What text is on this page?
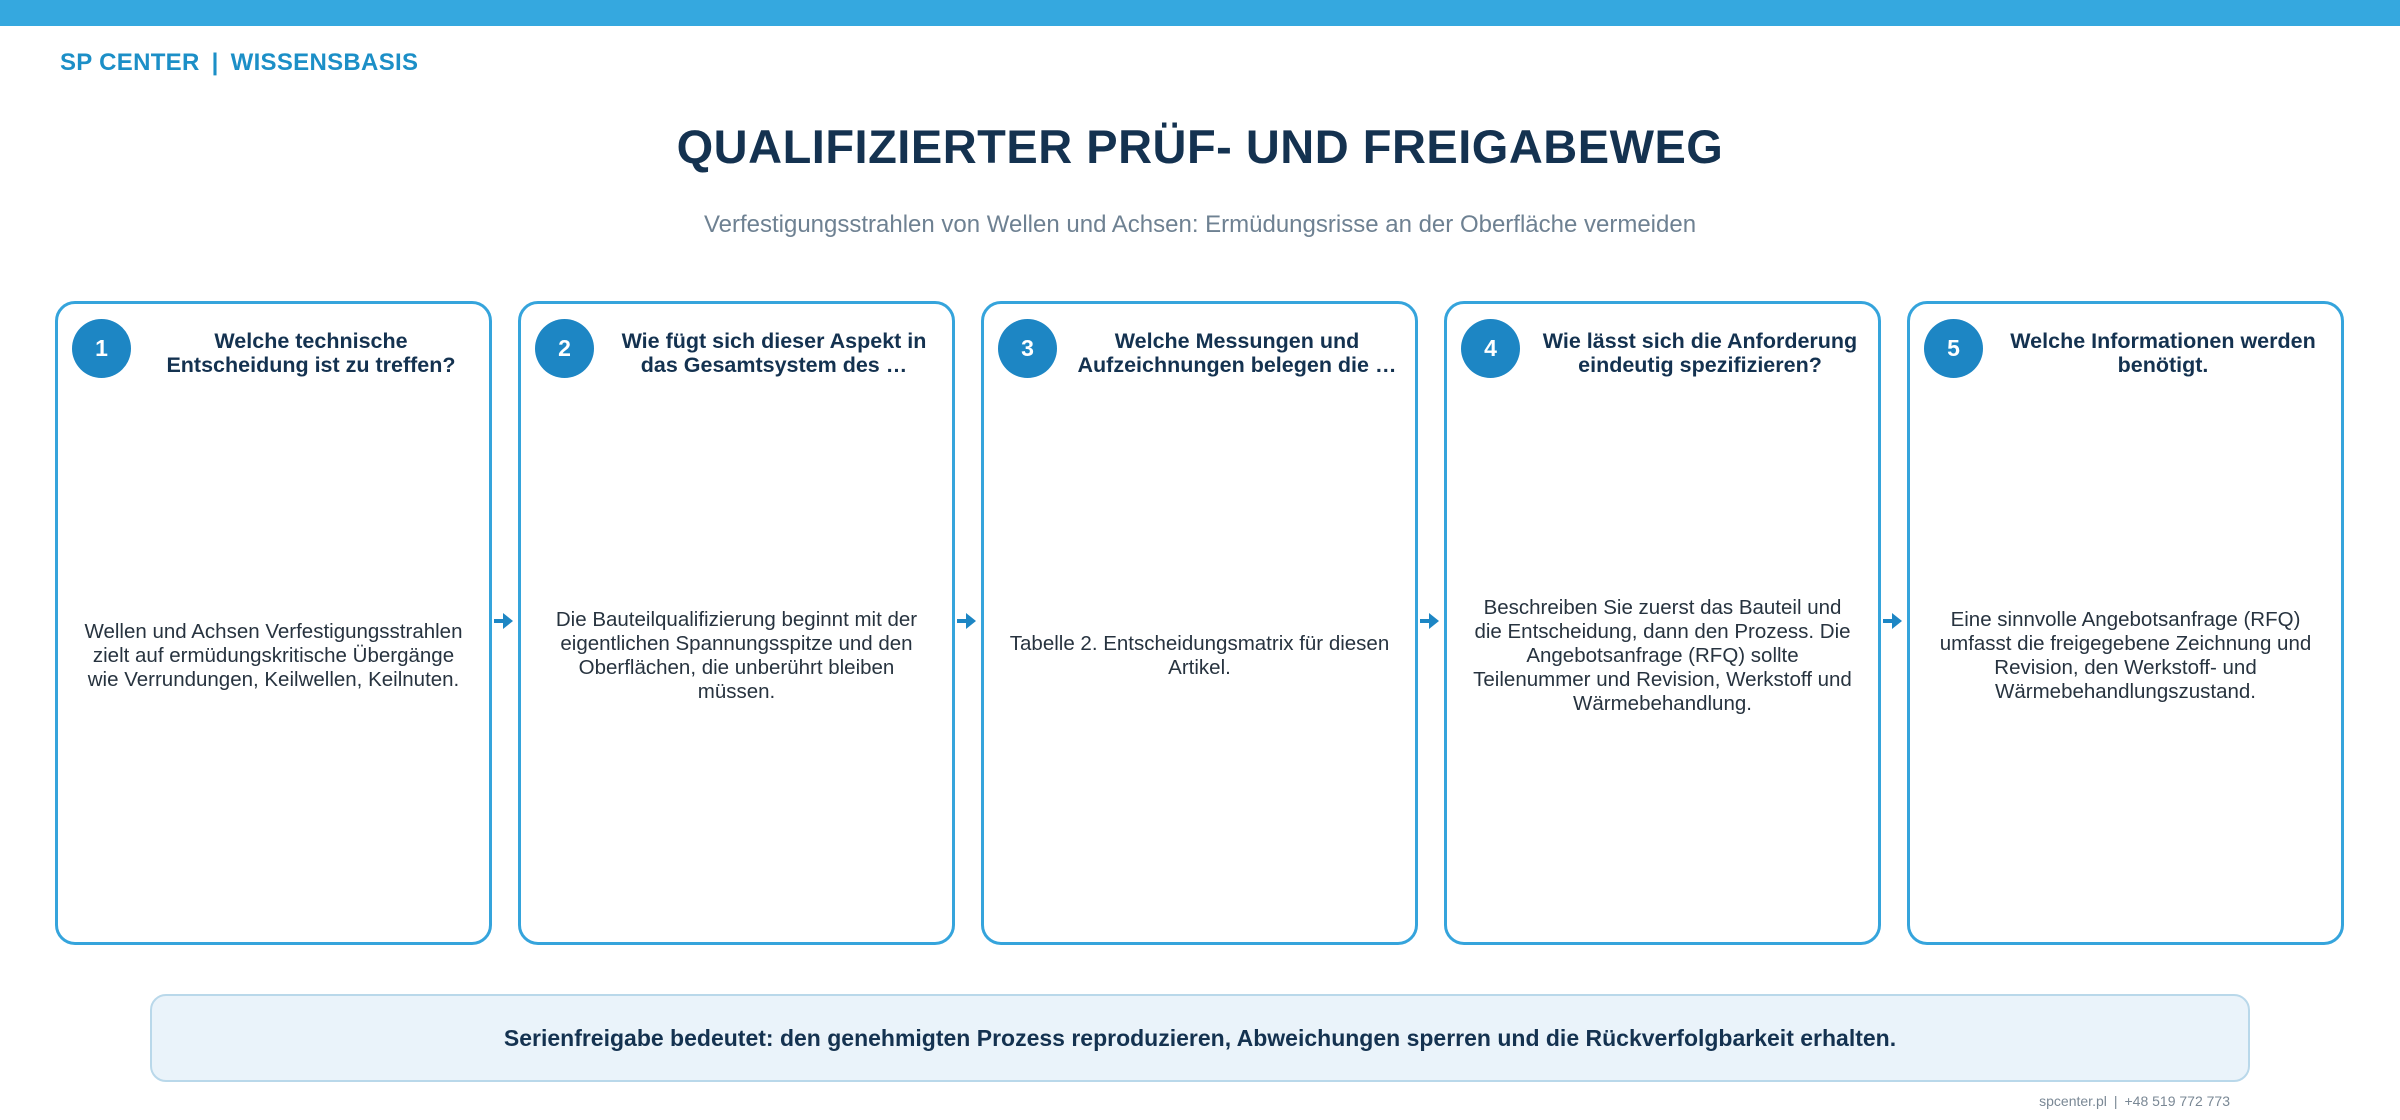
SP CENTER | WISSENSBASIS
QUALIFIZIERTER PRÜF- UND FREIGABEWEG
Verfestigungsstrahlen von Wellen und Achsen: Ermüdungsrisse an der Oberfläche vermeiden
1	Welche technische Entscheidung ist zu treffen?
Wellen und Achsen Verfestigungsstrahlen zielt auf ermüdungskritische Übergänge wie Verrundungen, Keilwellen, Keilnuten.
2	Wie fügt sich dieser Aspekt in das Gesamtsystem des …
Die Bauteilqualifizierung beginnt mit der eigentlichen Spannungsspitze und den Oberflächen, die unberührt bleiben müssen.
3	Welche Messungen und Aufzeichnungen belegen die …
Tabelle 2. Entscheidungsmatrix für diesen Artikel.
4	Wie lässt sich die Anforderung eindeutig spezifizieren?
Beschreiben Sie zuerst das Bauteil und die Entscheidung, dann den Prozess. Die Angebotsanfrage (RFQ) sollte Teilenummer und Revision, Werkstoff und Wärmebehandlung.
5	Welche Informationen werden benötigt.
Eine sinnvolle Angebotsanfrage (RFQ) umfasst die freigegebene Zeichnung und Revision, den Werkstoff- und Wärmebehandlungszustand.
Serienfreigabe bedeutet: den genehmigten Prozess reproduzieren, Abweichungen sperren und die Rückverfolgbarkeit erhalten.
spcenter.pl | +48 519 772 773
